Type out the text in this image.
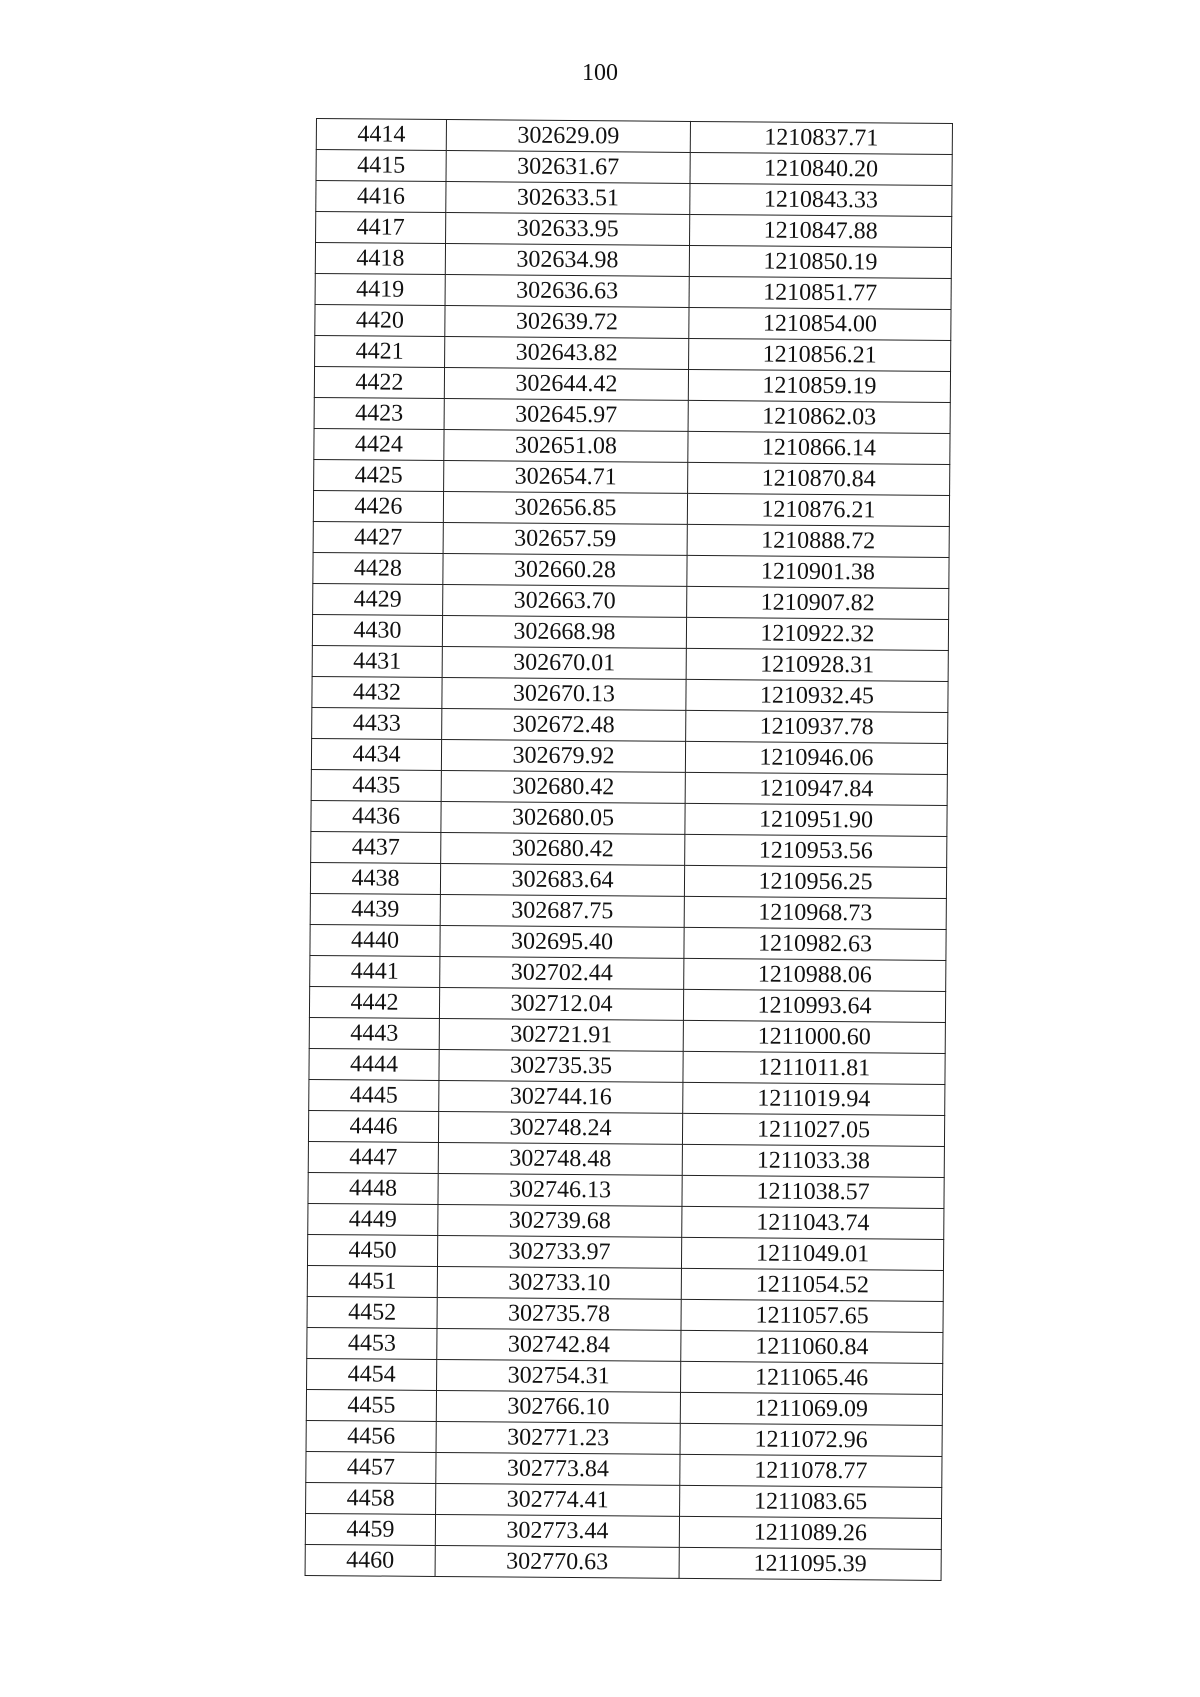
100
4414	302629.09	1210837.71
4415	302631.67	1210840.20
4416	302633.51	1210843.33
4417	302633.95	1210847.88
4418	302634.98	1210850.19
4419	302636.63	1210851.77
4420	302639.72	1210854.00
4421	302643.82	1210856.21
4422	302644.42	1210859.19
4423	302645.97	1210862.03
4424	302651.08	1210866.14
4425	302654.71	1210870.84
4426	302656.85	1210876.21
4427	302657.59	1210888.72
4428	302660.28	1210901.38
4429	302663.70	1210907.82
4430	302668.98	1210922.32
4431	302670.01	1210928.31
4432	302670.13	1210932.45
4433	302672.48	1210937.78
4434	302679.92	1210946.06
4435	302680.42	1210947.84
4436	302680.05	1210951.90
4437	302680.42	1210953.56
4438	302683.64	1210956.25
4439	302687.75	1210968.73
4440	302695.40	1210982.63
4441	302702.44	1210988.06
4442	302712.04	1210993.64
4443	302721.91	1211000.60
4444	302735.35	1211011.81
4445	302744.16	1211019.94
4446	302748.24	1211027.05
4447	302748.48	1211033.38
4448	302746.13	1211038.57
4449	302739.68	1211043.74
4450	302733.97	1211049.01
4451	302733.10	1211054.52
4452	302735.78	1211057.65
4453	302742.84	1211060.84
4454	302754.31	1211065.46
4455	302766.10	1211069.09
4456	302771.23	1211072.96
4457	302773.84	1211078.77
4458	302774.41	1211083.65
4459	302773.44	1211089.26
4460	302770.63	1211095.39
